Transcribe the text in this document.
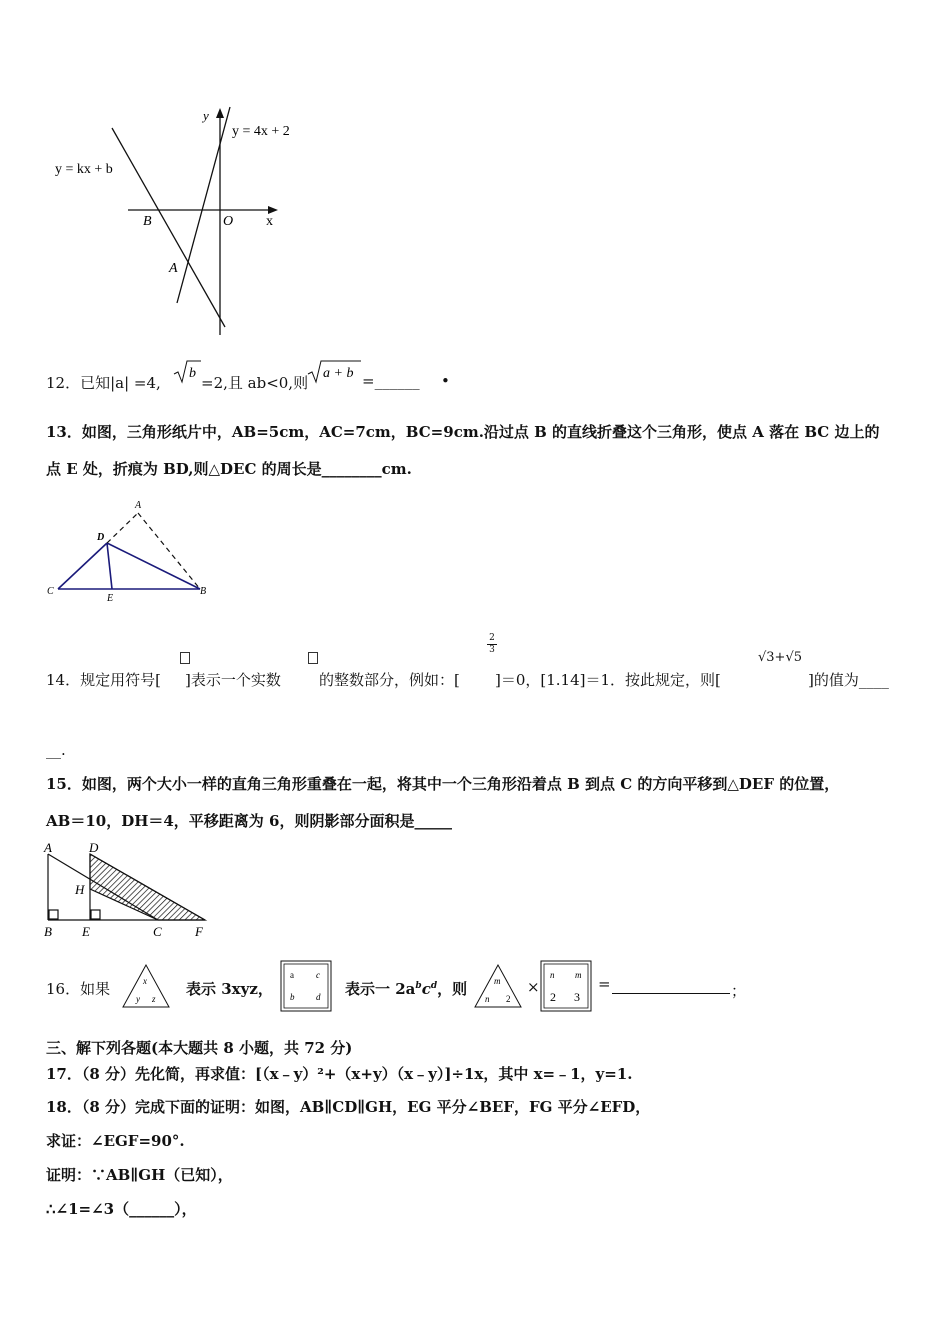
y
x
y = 4x + 2
y = kx + b
B	O
A
12．已知|a| =4,
b
=2,且 ab<0,则
a + b =______ •
13．如图，三角形纸片中，AB=5cm，AC=7cm，BC=9cm.沿过点 B 的直线折叠这个三角形，使点 A 落在 BC 边上的
点 E 处，折痕为 BD,则△DEC 的周长是________cm.
A
D
C
E
B
14．规定用符号[ ]表示一个实数	的整数部分，例如：[
2
3
]＝0，[1.14]＝1．按此规定，则[
√3+√5
]的值为____
__.
15．如图，两个大小一样的直角三角形重叠在一起，将其中一个三角形沿着点 B 到点 C 的方向平移到△DEF 的位置，
AB＝10，DH＝4，平移距离为 6，则阴影部分面积是_____
A	D
H
B E	C	F
16．如果	x
y z
表示 3xyz，
a c
b d 表示一 $2a^bc^d$，则	m
n 2
×
n m
2 3
=	；
三、解下列各题(本大题共 8 小题，共 72 分)
17．（8 分）先化简，再求值：[（x﹣y）²+（x+y）（x﹣y）]÷1x，其中 x=﹣1，y=1.
18．（8 分）完成下面的证明：如图，AB∥CD∥GH，EG 平分∠BEF，FG 平分∠EFD，
求证：∠EGF=90°.
证明：∵AB∥GH（已知），
∴∠1=∠3（______），
